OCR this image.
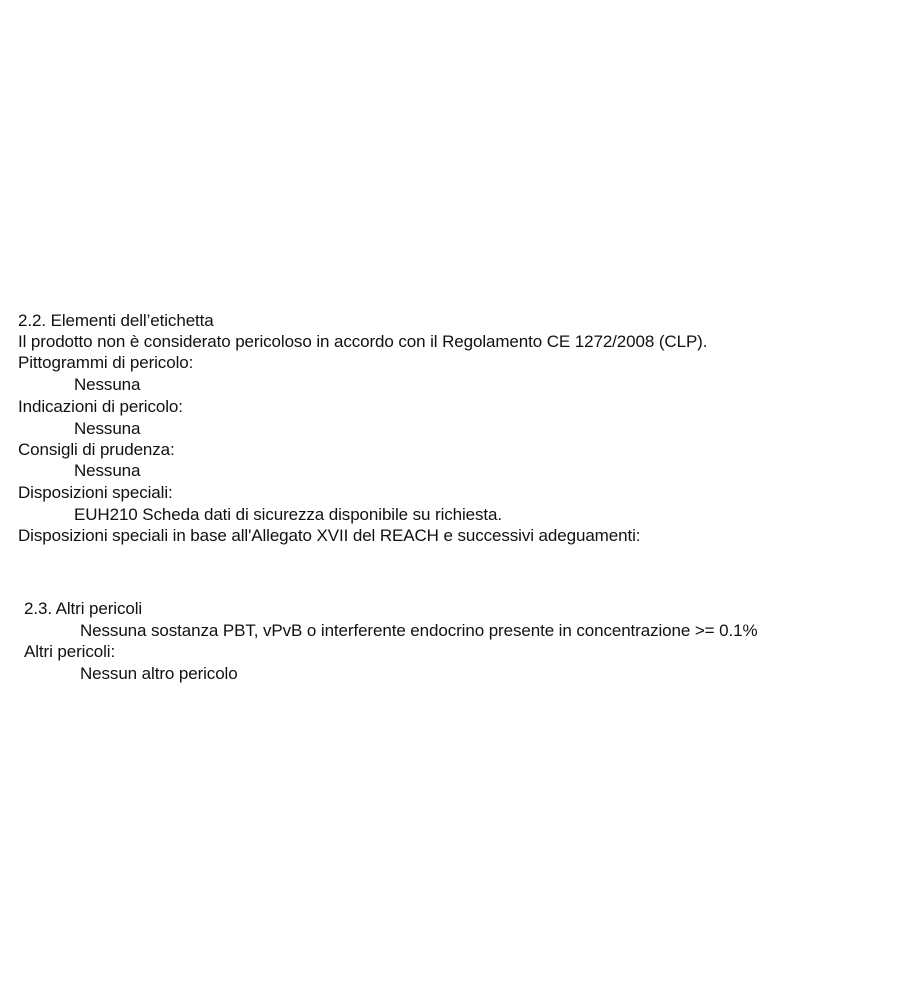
2.2. Elementi dell’etichetta
Il prodotto non è considerato pericoloso in accordo con il Regolamento CE 1272/2008 (CLP).
Pittogrammi di pericolo:
Nessuna
Indicazioni di pericolo:
Nessuna
Consigli di prudenza:
Nessuna
Disposizioni speciali:
EUH210 Scheda dati di sicurezza disponibile su richiesta.
Disposizioni speciali in base all'Allegato XVII del REACH e successivi adeguamenti:
2.3. Altri pericoli
Nessuna sostanza PBT, vPvB o interferente endocrino presente in concentrazione >= 0.1%
Altri pericoli:
Nessun altro pericolo
